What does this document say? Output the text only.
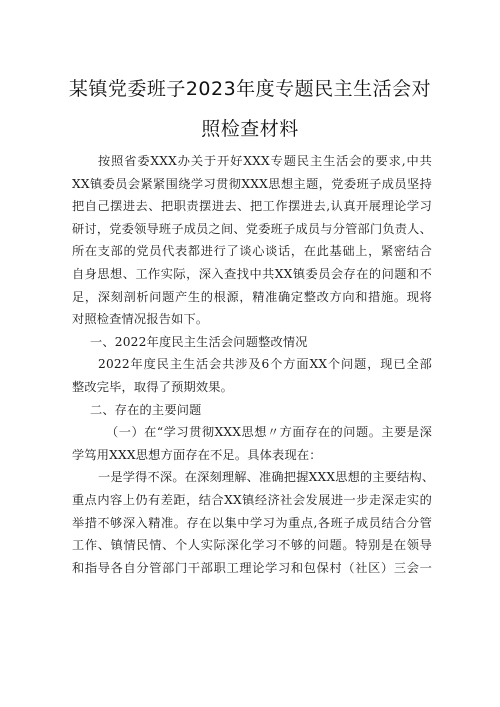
某镇党委班子2023年度专题民主生活会对
照检查材料
按照省委XXX办关于开好XXX专题民主生活会的要求,中共
XX镇委员会紧紧围绕学习贯彻XXX思想主题，党委班子成员坚持
把自己摆进去、把职责摆进去、把工作摆进去,认真开展理论学习
研讨，党委领导班子成员之间、党委班子成员与分管部门负责人、
所在支部的党员代表都进行了谈心谈话，在此基础上，紧密结合
自身思想、工作实际，深入查找中共XX镇委员会存在的问题和不
足，深刻剖析问题产生的根源，精准确定整改方向和措施。现将
对照检查情况报告如下。
一、2022年度民主生活会问题整改情况
2022年度民主生活会共涉及6个方面XX个问题，现已全部
整改完毕，取得了预期效果。
二、存在的主要问题
（一）在“学习贯彻XXX思想〃方面存在的问题。主要是深
学笃用XXX思想方面存在不足。具体表现在：
一是学得不深。在深刻理解、准确把握XXX思想的主要结构、
重点内容上仍有差距，结合XX镇经济社会发展进一步走深走实的
举措不够深入精准。存在以集中学习为重点,各班子成员结合分管
工作、镇情民情、个人实际深化学习不够的问题。特别是在领导
和指导各自分管部门干部职工理论学习和包保村（社区）三会一
